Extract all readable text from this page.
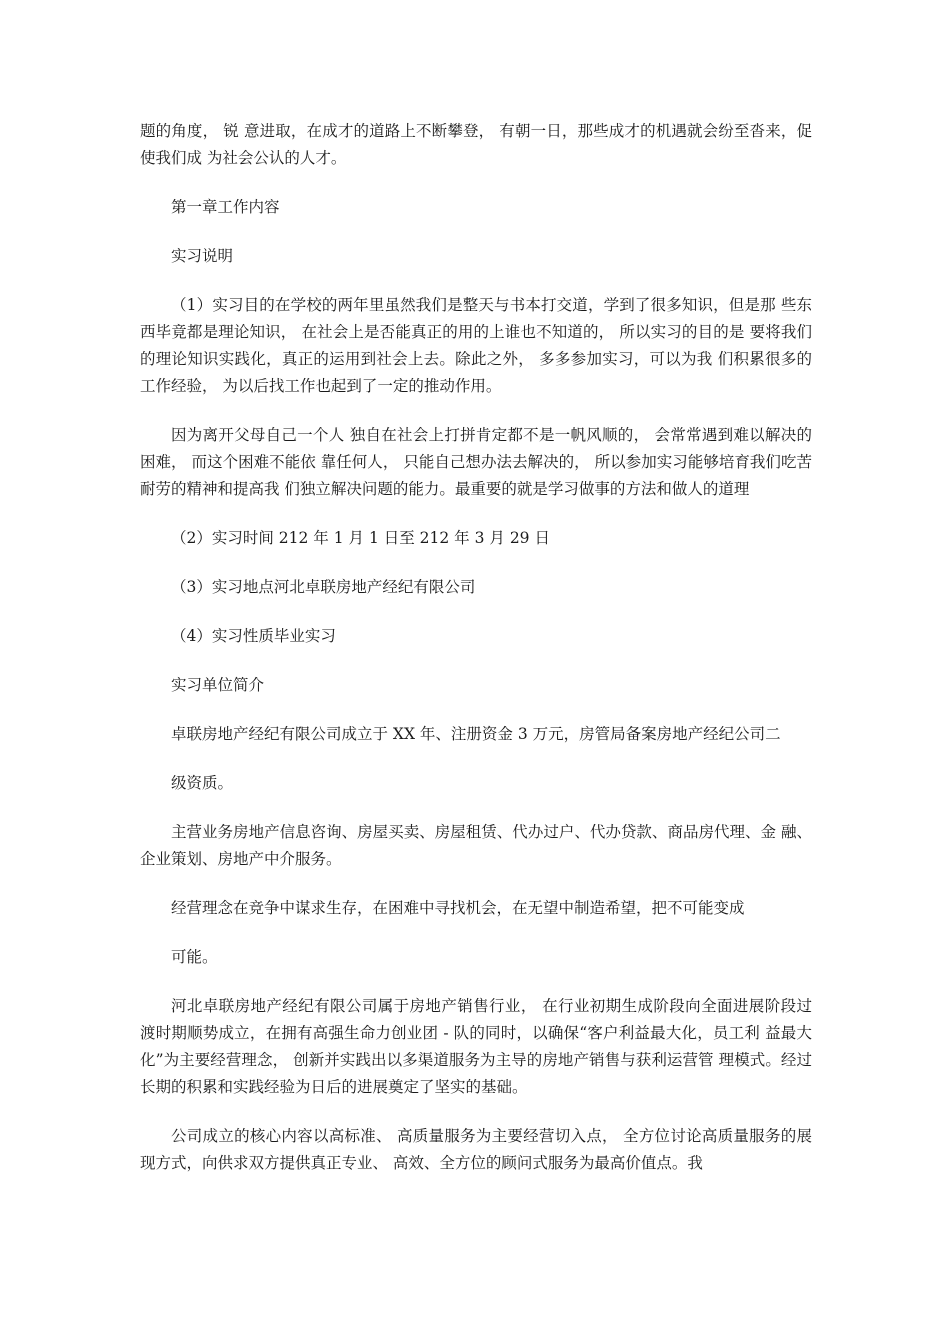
题的角度， 锐 意进取，在成才的道路上不断攀登， 有朝一日，那些成才的机遇就会纷至沓来，促使我们成 为社会公认的人才。

第一章工作内容

实习说明

（1）实习目的在学校的两年里虽然我们是整天与书本打交道，学到了很多知识，但是那 些东西毕竟都是理论知识， 在社会上是否能真正的用的上谁也不知道的， 所以实习的目的是 要将我们的理论知识实践化，真正的运用到社会上去。除此之外， 多多参加实习，可以为我 们积累很多的工作经验， 为以后找工作也起到了一定的推动作用。

因为离开父母自己一个人 独自在社会上打拼肯定都不是一帆风顺的， 会常常遇到难以解决的困难， 而这个困难不能依 靠任何人， 只能自己想办法去解决的， 所以参加实习能够培育我们吃苦耐劳的精神和提高我 们独立解决问题的能力。最重要的就是学习做事的方法和做人的道理

（2）实习时间 212 年 1 月 1 日至 212 年 3 月 29 日

（3）实习地点河北卓联房地产经纪有限公司

（4）实习性质毕业实习

实习单位简介

卓联房地产经纪有限公司成立于 XX 年、注册资金 3 万元，房管局备案房地产经纪公司二

级资质。

主营业务房地产信息咨询、房屋买卖、房屋租赁、代办过户、代办贷款、商品房代理、金 融、企业策划、房地产中介服务。

经营理念在竞争中谋求生存，在困难中寻找机会，在无望中制造希望，把不可能变成

可能。

河北卓联房地产经纪有限公司属于房地产销售行业， 在行业初期生成阶段向全面进展阶段过 渡时期顺势成立，在拥有高强生命力创业团 - 队的同时，以确保“客户利益最大化，员工利 益最大化”为主要经营理念， 创新并实践出以多渠道服务为主导的房地产销售与获利运营管 理模式。经过长期的积累和实践经验为日后的进展奠定了坚实的基础。

公司成立的核心内容以高标准、 高质量服务为主要经营切入点， 全方位讨论高质量服务的展 现方式，向供求双方提供真正专业、 高效、全方位的顾问式服务为最高价值点。我
